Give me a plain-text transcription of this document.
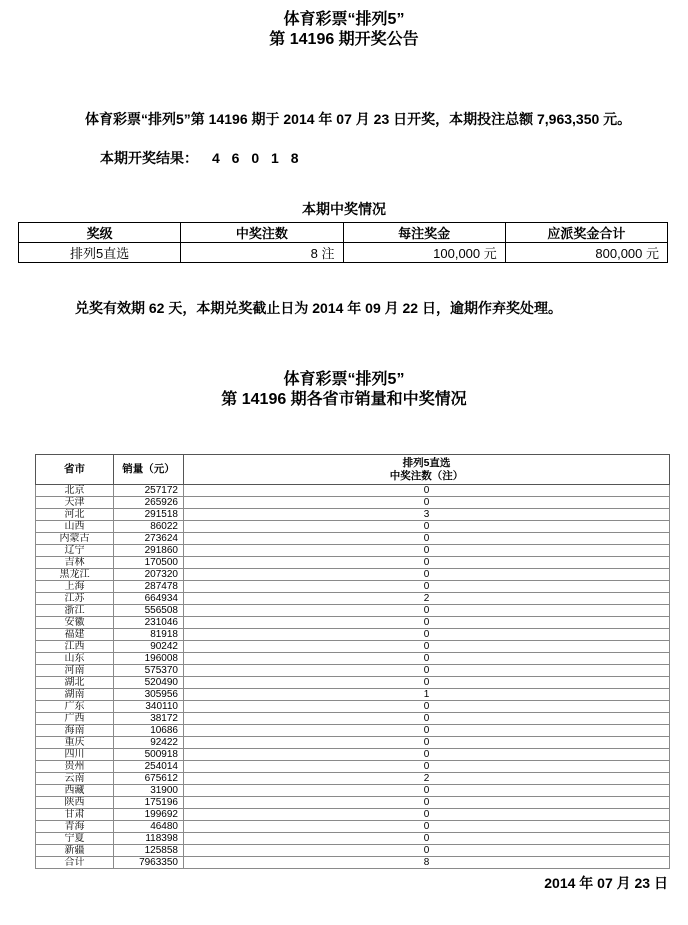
体育彩票“排列5”
第 14196 期开奖公告
体育彩票“排列5”第 14196 期于 2014 年 07 月 23 日开奖，本期投注总额 7,963,350 元。
本期开奖结果： 4 6 0 1 8
本期中奖情况
奖级	中奖注数	每注奖金	应派奖金合计
排列5直选	8 注	100,000 元	800,000 元
兑奖有效期 62 天，本期兑奖截止日为 2014 年 09 月 22 日，逾期作弃奖处理。
体育彩票“排列5”
第 14196 期各省市销量和中奖情况
省市	销量（元）	排列5直选
中奖注数（注）

北京	257172	0
天津	265926	0
河北	291518	3
山西	86022	0
内蒙古	273624	0
辽宁	291860	0
吉林	170500	0
黑龙江	207320	0
上海	287478	0
江苏	664934	2
浙江	556508	0
安徽	231046	0
福建	81918	0
江西	90242	0
山东	196008	0
河南	575370	0
湖北	520490	0
湖南	305956	1
广东	340110	0
广西	38172	0
海南	10686	0
重庆	92422	0
四川	500918	0
贵州	254014	0
云南	675612	2
西藏	31900	0
陕西	175196	0
甘肃	199692	0
青海	46480	0
宁夏	118398	0
新疆	125858	0
合计	7963350	8
2014 年 07 月 23 日
